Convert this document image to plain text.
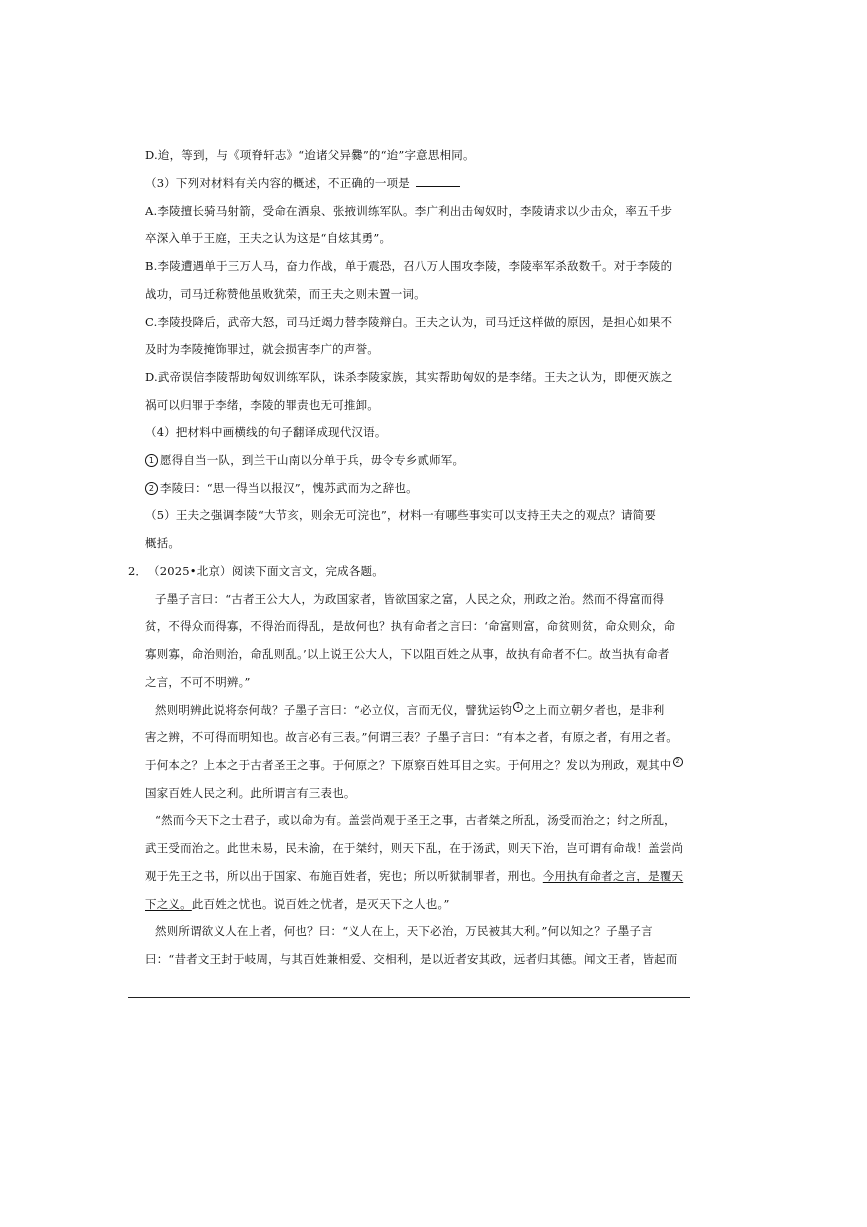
D.迨，等到，与《项脊轩志》“迨诸父异爨”的“迨”字意思相同。
（3）下列对材料有关内容的概述，不正确的一项是
A.李陵擅长骑马射箭，受命在酒泉、张掖训练军队。李广利出击匈奴时，李陵请求以少击众，率五千步
卒深入单于王庭，王夫之认为这是“自炫其勇”。
B.李陵遭遇单于三万人马，奋力作战，单于震恐，召八万人围攻李陵，李陵率军杀敌数千。对于李陵的
战功，司马迁称赞他虽败犹荣，而王夫之则未置一词。
C.李陵投降后，武帝大怒，司马迁竭力替李陵辩白。王夫之认为，司马迁这样做的原因，是担心如果不
及时为李陵掩饰罪过，就会损害李广的声誉。
D.武帝误信李陵帮助匈奴训练军队，诛杀李陵家族，其实帮助匈奴的是李绪。王夫之认为，即便灭族之
祸可以归罪于李绪，李陵的罪责也无可推卸。
（4）把材料中画横线的句子翻译成现代汉语。
1 愿得自当一队，到兰干山南以分单于兵，毋令专乡贰师军。
2 李陵曰：“思一得当以报汉”，愧苏武而为之辞也。
（5）王夫之强调李陵“大节亥，则余无可浣也”，材料一有哪些事实可以支持王夫之的观点？请简要
概括。
2． （2025•北京）阅读下面文言文，完成各题。
子墨子言曰：“古者王公大人，为政国家者，皆欲国家之富，人民之众，刑政之治。然而不得富而得
贫，不得众而得寡，不得治而得乱，是故何也？执有命者之言曰：‘命富则富，命贫则贫，命众则众，命
寡则寡，命治则治，命乱则乱。’以上说王公大人，下以阻百姓之从事，故执有命者不仁。故当执有命者
之言，不可不明辨。”
然则明辨此说将奈何哉？子墨子言曰：“必立仪，言而无仪，譬犹运钧 1 之上而立朝夕者也，是非利
害之辨，不可得而明知也。故言必有三表。”何谓三表？子墨子言曰：“有本之者，有原之者，有用之者。
于何本之？上本之于古者圣王之事。于何原之？下原察百姓耳目之实。于何用之？发以为刑政，观其中 2
国家百姓人民之利。此所谓言有三表也。
“然而今天下之士君子，或以命为有。盖尝尚观于圣王之事，古者桀之所乱，汤受而治之；纣之所乱，
武王受而治之。此世未易，民未渝，在于桀纣，则天下乱，在于汤武，则天下治，岂可谓有命哉！盖尝尚
观于先王之书，所以出于国家、布施百姓者，宪也；所以听狱制罪者，刑也。今用执有命者之言，是覆天
下之义。此百姓之忧也。说百姓之忧者，是灭天下之人也。”
然则所谓欲义人在上者，何也？曰：“义人在上，天下必治，万民被其大利。”何以知之？子墨子言
曰：“昔者文王封于岐周，与其百姓兼相爱、交相利，是以近者安其政，远者归其德。闻文王者，皆起而
